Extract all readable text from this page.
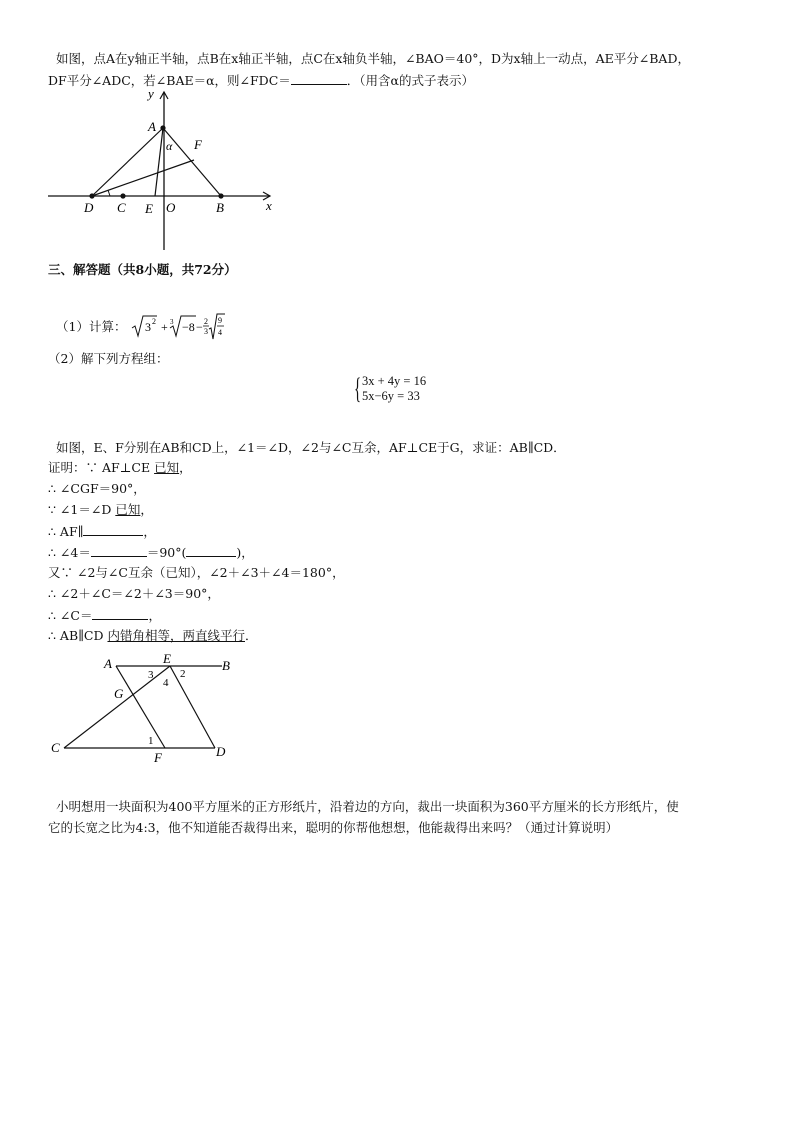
如图，点A在y轴正半轴，点B在x轴正半轴，点C在x轴负半轴，∠BAO＝40°，D为x轴上一动点，AE平分∠BAD，
DF平分∠ADC，若∠BAE＝α，则∠FDC＝	．（用含α的式子表示）
y
A
F
α
D C E O	B	x
三、解答题（共8小题，共72分）
（1）计算： 3 2 + 3 −8 − 2
3
9
4
（2）解下列方程组：
{ 3x + 4y = 16
5x−6y = 33
如图，E、F分别在AB和CD上，∠1＝∠D，∠2与∠C互余，AF⊥CE于G，求证：AB∥CD．
证明：∵ AF⊥CE 已知，
∴ ∠CGF＝90°，
∵ ∠1＝∠D 已知，
∴ AF∥	，
∴ ∠4＝	＝90°(	)，
又∵ ∠2与∠C互余（已知），∠2＋∠3＋∠4＝180°，
∴ ∠2＋∠C＝∠2＋∠3＝90°，
∴ ∠C＝	，
∴ AB∥CD 内错角相等，两直线平行．
A	E	B
3 2
4
G
C	1
F	D
小明想用一块面积为400平方厘米的正方形纸片，沿着边的方向，裁出一块面积为360平方厘米的长方形纸片，使
它的长宽之比为4:3，他不知道能否裁得出来，聪明的你帮他想想，他能裁得出来吗？（通过计算说明）
